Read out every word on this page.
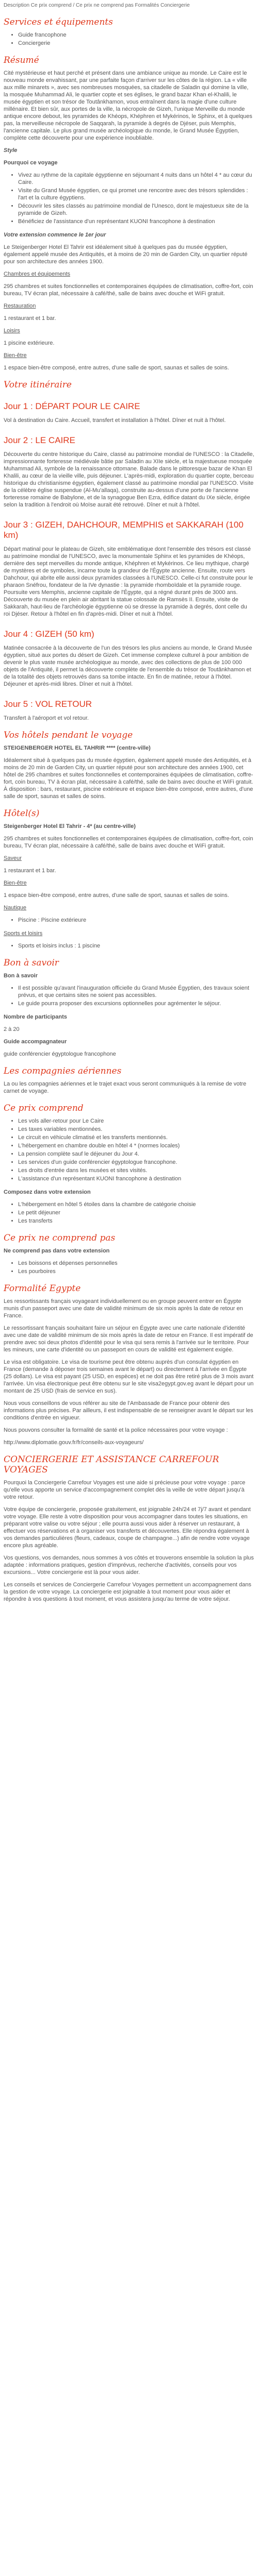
Description Ce prix comprend / Ce prix ne comprend pas Formalités Conciergerie

Services et équipements
• Guide francophone
• Conciergerie
Résumé

Cité mystérieuse et haut perché et présent dans une ambiance unique au monde. Le Caire est le nouveau monde envahissant, par une parfaite façon d'arriver sur les côtes de la région. La « ville aux mille minarets », avec ses nombreuses mosquées, sa citadelle de Saladin qui domine la ville, la mosquée Muhammad Ali, le quartier copte et ses églises, le grand bazar Khan el-Khalili, le musée égyptien et son trésor de Toutânkhamon, vous entraînent dans la magie d'une culture millénaire. Et bien sûr, aux portes de la ville, la nécropole de Gizeh, l'unique Merveille du monde antique encore debout, les pyramides de Khéops, Khéphren et Mykérinos, le Sphinx, et à quelques pas, la merveilleuse nécropole de Saqqarah, la pyramide à degrés de Djéser, puis Memphis, l'ancienne capitale. Le plus grand musée archéologique du monde, le Grand Musée Égyptien, complète cette découverte pour une expérience inoubliable.

Style

Pourquoi ce voyage

• Vivez au rythme de la capitale égyptienne en séjournant 4 nuits dans un hôtel 4 * au cœur du Caire.
• Visite du Grand Musée égyptien, ce qui promet une rencontre avec des trésors splendides : l'art et la culture égyptiens.
• Découvrir les sites classés au patrimoine mondial de l'Unesco, dont le majestueux site de la pyramide de Gizeh.
• Bénéficiez de l'assistance d'un représentant KUONI francophone à destination

Votre extension commence le 1er jour

Le Steigenberger Hotel El Tahrir est idéalement situé à quelques pas du musée égyptien, également appelé musée des Antiquités, et à moins de 20 min de Garden City, un quartier réputé pour son architecture des années 1900.

Chambres et équipements

295 chambres et suites fonctionnelles et contemporaines équipées de climatisation, coffre-fort, coin bureau, TV écran plat, nécessaire à café/thé, salle de bains avec douche et WiFi gratuit.

Restauration

1 restaurant et 1 bar.

Loisirs

1 piscine extérieure.

Bien-être

1 espace bien-être composé, entre autres, d'une salle de sport, saunas et salles de soins.

Votre itinéraire
Jour 1 : DÉPART POUR LE CAIRE

Vol à destination du Caire. Accueil, transfert et installation à l'hôtel. Dîner et nuit à l'hôtel.

Jour 2 : LE CAIRE

Découverte du centre historique du Caire, classé au patrimoine mondial de l'UNESCO : la Citadelle, impressionnante forteresse médiévale bâtie par Saladin au XIIe siècle, et la majestueuse mosquée Muhammad Ali, symbole de la renaissance ottomane. Balade dans le pittoresque bazar de Khan El Khalili, au cœur de la vieille ville, puis déjeuner. L'après-midi, exploration du quartier copte, berceau historique du christianisme égyptien, également classé au patrimoine mondial par l'UNESCO. Visite de la célèbre église suspendue (Al-Mu'allaqa), construite au-dessus d'une porte de l'ancienne forteresse romaine de Babylone, et de la synagogue Ben Ezra, édifice datant du IXe siècle, érigée selon la tradition à l'endroit où Moïse aurait été retrouvé. Dîner et nuit à l'hôtel.

Jour 3 : GIZEH, DAHCHOUR, MEMPHIS et SAKKARAH (100 km)

Départ matinal pour le plateau de Gizeh, site emblématique dont l'ensemble des trésors est classé au patrimoine mondial de l'UNESCO, avec la monumentale Sphinx et les pyramides de Khéops, dernière des sept merveilles du monde antique, Khéphren et Mykérinos. Ce lieu mythique, chargé de mystères et de symboles, incarne toute la grandeur de l'Égypte ancienne. Ensuite, route vers Dahchour, qui abrite elle aussi deux pyramides classées à l'UNESCO. Celle-ci fut construite pour le pharaon Snéfrou, fondateur de la IVe dynastie : la pyramide rhomboïdale et la pyramide rouge. Poursuite vers Memphis, ancienne capitale de l'Égypte, qui a régné durant près de 3000 ans. Découverte du musée en plein air abritant la statue colossale de Ramsès II. Ensuite, visite de Sakkarah, haut-lieu de l'archéologie égyptienne où se dresse la pyramide à degrés, dont celle du roi Djéser. Retour à l'hôtel en fin d'après-midi. Dîner et nuit à l'hôtel.

Jour 4 : GIZEH (50 km)

Matinée consacrée à la découverte de l'un des trésors les plus anciens au monde, le Grand Musée égyptien, situé aux portes du désert de Gizeh. Cet immense complexe culturel à pour ambition de devenir le plus vaste musée archéologique au monde, avec des collections de plus de 100 000 objets de l'Antiquité, il permet la découverte complète de l'ensemble du trésor de Toutânkhamon et de la totalité des objets retrouvés dans sa tombe intacte. En fin de matinée, retour à l'hôtel. Déjeuner et après-midi libres. Dîner et nuit à l'hôtel.

Jour 5 : VOL RETOUR

Transfert à l'aéroport et vol retour.

Vos hôtels pendant le voyage

STEIGENBERGER HOTEL EL TAHRIR **** (centre-ville)

Idéalement situé à quelques pas du musée égyptien, également appelé musée des Antiquités, et à moins de 20 min de Garden City, un quartier réputé pour son architecture des années 1900, cet hôtel de 295 chambres et suites fonctionnelles et contemporaines équipées de climatisation, coffre-fort, coin bureau, TV à écran plat, nécessaire à café/thé, salle de bains avec douche et WiFi gratuit. À disposition : bars, restaurant, piscine extérieure et espace bien-être composé, entre autres, d'une salle de sport, saunas et salles de soins.

Hôtel(s)

Steigenberger Hotel El Tahrir - 4* (au centre-ville)

295 chambres et suites fonctionnelles et contemporaines équipées de climatisation, coffre-fort, coin bureau, TV écran plat, nécessaire à café/thé, salle de bains avec douche et WiFi gratuit.

Saveur

1 restaurant et 1 bar.

Bien-être

1 espace bien-être composé, entre autres, d'une salle de sport, saunas et salles de soins.

Nautique

• Piscine : Piscine extérieure

Sports et loisirs

• Sports et loisirs inclus : 1 piscine
Bon à savoir

Bon à savoir

• Il est possible qu'avant l'inauguration officielle du Grand Musée Égyptien, des travaux soient prévus, et que certains sites ne soient pas accessibles.
• Le guide pourra proposer des excursions optionnelles pour agrémenter le séjour.

Nombre de participants

2 à 20

Guide accompagnateur

guide conférencier égyptologue francophone

Les compagnies aériennes

La ou les compagnies aériennes et le trajet exact vous seront communiqués à la remise de votre carnet de voyage.

Ce prix comprend
• Les vols aller-retour pour Le Caire
• Les taxes variables mentionnées.
• Le circuit en véhicule climatisé et les transferts mentionnés.
• L'hébergement en chambre double en hôtel 4 * (normes locales)
• La pension complète sauf le déjeuner du Jour 4.
• Les services d'un guide conférencier égyptologue francophone.
• Les droits d'entrée dans les musées et sites visités.
• L'assistance d'un représentant KUONI francophone à destination

Composez dans votre extension

• L'hébergement en hôtel 5 étoiles dans la chambre de catégorie choisie
• Le petit déjeuner
• Les transferts
Ce prix ne comprend pas

Ne comprend pas dans votre extension

• Les boissons et dépenses personnelles
• Les pourboires
Formalité Egypte

Les ressortissants français voyageant individuellement ou en groupe peuvent entrer en Égypte munis d'un passeport avec une date de validité minimum de six mois après la date de retour en France.

Le ressortissant français souhaitant faire un séjour en Égypte avec une carte nationale d'identité avec une date de validité minimum de six mois après la date de retour en France. Il est impératif de prendre avec soi deux photos d'identité pour le visa qui sera remis à l'arrivée sur le territoire. Pour les mineurs, une carte d'identité ou un passeport en cours de validité est également exigée.

Le visa est obligatoire. Le visa de tourisme peut être obtenu auprès d'un consulat égyptien en France (demande à déposer trois semaines avant le départ) ou directement à l'arrivée en Égypte (25 dollars). Le visa est payant (25 USD, en espèces) et ne doit pas être retiré plus de 3 mois avant l'arrivée. Un visa électronique peut être obtenu sur le site visa2egypt.gov.eg avant le départ pour un montant de 25 USD (frais de service en sus).

Nous vous conseillons de vous référer au site de l'Ambassade de France pour obtenir des informations plus précises. Par ailleurs, il est indispensable de se renseigner avant le départ sur les conditions d'entrée en vigueur.

Nous pouvons consulter la formalité de santé et la police nécessaires pour votre voyage :

http://www.diplomatie.gouv.fr/fr/conseils-aux-voyageurs/

CONCIERGERIE ET ASSISTANCE CARREFOUR VOYAGES

Pourquoi la Conciergerie Carrefour Voyages est une aide si précieuse pour votre voyage : parce qu'elle vous apporte un service d'accompagnement complet dès la veille de votre départ jusqu'à votre retour.

Votre équipe de conciergerie, proposée gratuitement, est joignable 24h/24 et 7j/7 avant et pendant votre voyage. Elle reste à votre disposition pour vous accompagner dans toutes les situations, en préparant votre valise ou votre séjour ; elle pourra aussi vous aider à réserver un restaurant, à effectuer vos réservations et à organiser vos transferts et découvertes. Elle répondra également à vos demandes particulières (fleurs, cadeaux, coupe de champagne...) afin de rendre votre voyage encore plus agréable.

Vos questions, vos demandes, nous sommes à vos côtés et trouverons ensemble la solution la plus adaptée : informations pratiques, gestion d'imprévus, recherche d'activités, conseils pour vos excursions... Votre conciergerie est là pour vous aider.

Les conseils et services de Conciergerie Carrefour Voyages permettent un accompagnement dans la gestion de votre voyage. La conciergerie est joignable à tout moment pour vous aider et répondre à vos questions à tout moment, et vous assistera jusqu'au terme de votre séjour.
